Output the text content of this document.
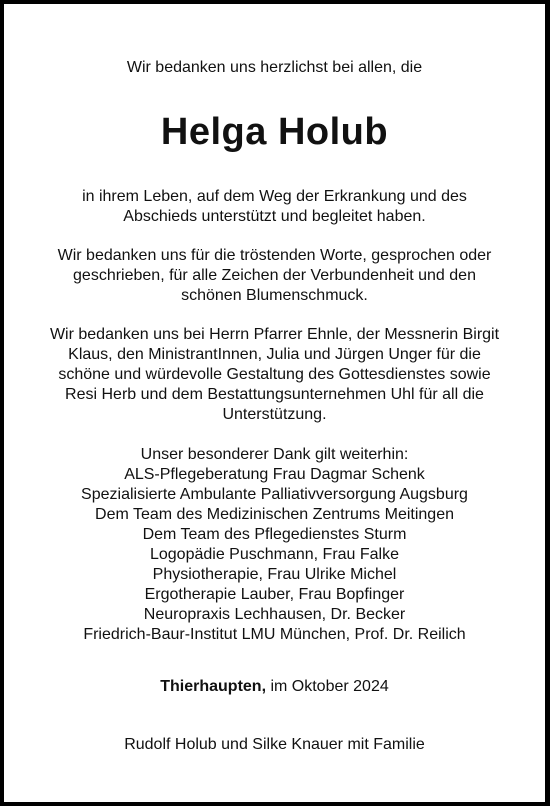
Wir bedanken uns herzlichst bei allen, die
Helga Holub
in ihrem Leben, auf dem Weg der Erkrankung und des
Abschieds unterstützt und begleitet haben.
Wir bedanken uns für die tröstenden Worte, gesprochen oder
geschrieben, für alle Zeichen der Verbundenheit und den
schönen Blumenschmuck.
Wir bedanken uns bei Herrn Pfarrer Ehnle, der Messnerin Birgit
Klaus, den MinistrantInnen, Julia und Jürgen Unger für die
schöne und würdevolle Gestaltung des Gottesdienstes sowie
Resi Herb und dem Bestattungsunternehmen Uhl für all die
Unterstützung.
Unser besonderer Dank gilt weiterhin:
ALS-Pflegeberatung Frau Dagmar Schenk
Spezialisierte Ambulante Palliativversorgung Augsburg
Dem Team des Medizinischen Zentrums Meitingen
Dem Team des Pflegedienstes Sturm
Logopädie Puschmann, Frau Falke
Physiotherapie, Frau Ulrike Michel
Ergotherapie Lauber, Frau Bopfinger
Neuropraxis Lechhausen, Dr. Becker
Friedrich-Baur-Institut LMU München, Prof. Dr. Reilich
Thierhaupten, im Oktober 2024
Rudolf Holub und Silke Knauer mit Familie
